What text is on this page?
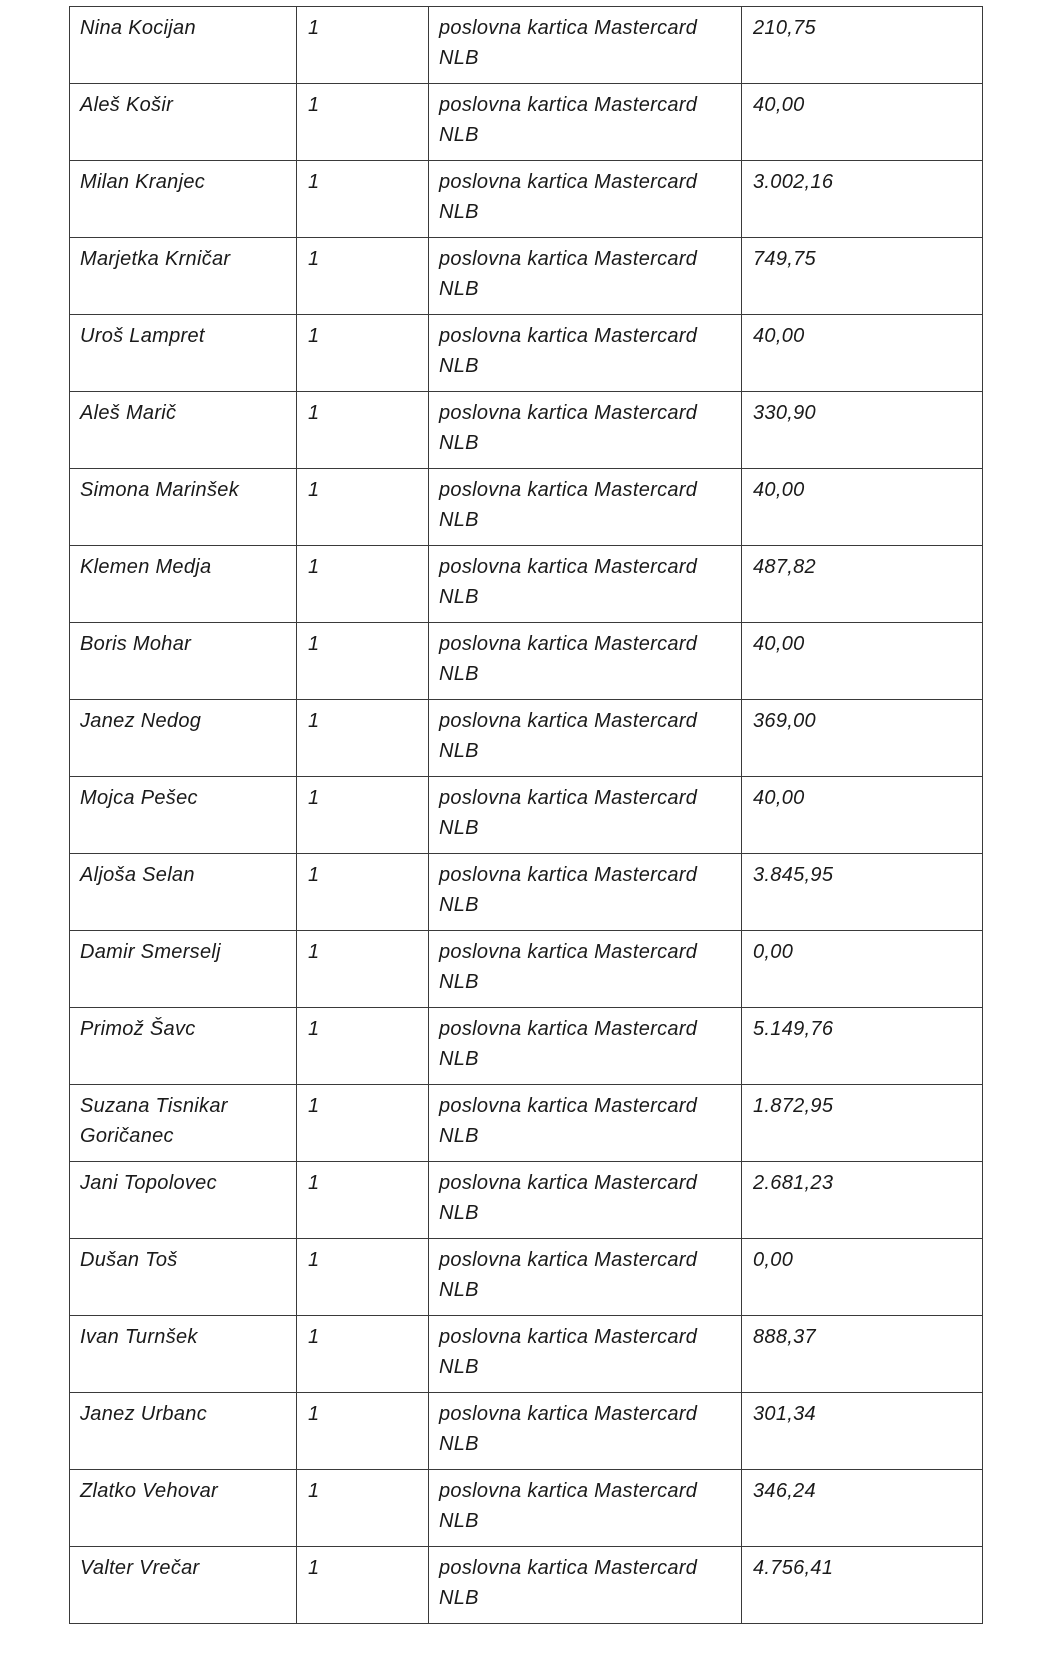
Nina Kocijan	1	poslovna kartica Mastercard NLB	210,75
Aleš Košir	1	poslovna kartica Mastercard NLB	40,00
Milan Kranjec	1	poslovna kartica Mastercard NLB	3.002,16
Marjetka Krničar	1	poslovna kartica Mastercard NLB	749,75
Uroš Lampret	1	poslovna kartica Mastercard NLB	40,00
Aleš Marič	1	poslovna kartica Mastercard NLB	330,90
Simona Marinšek	1	poslovna kartica Mastercard NLB	40,00
Klemen Medja	1	poslovna kartica Mastercard NLB	487,82
Boris Mohar	1	poslovna kartica Mastercard NLB	40,00
Janez Nedog	1	poslovna kartica Mastercard NLB	369,00
Mojca Pešec	1	poslovna kartica Mastercard NLB	40,00
Aljoša Selan	1	poslovna kartica Mastercard NLB	3.845,95
Damir Smerselj	1	poslovna kartica Mastercard NLB	0,00
Primož Šavc	1	poslovna kartica Mastercard NLB	5.149,76
Suzana Tisnikar Goričanec	1	poslovna kartica Mastercard NLB	1.872,95
Jani Topolovec	1	poslovna kartica Mastercard NLB	2.681,23
Dušan Toš	1	poslovna kartica Mastercard NLB	0,00
Ivan Turnšek	1	poslovna kartica Mastercard NLB	888,37
Janez Urbanc	1	poslovna kartica Mastercard NLB	301,34
Zlatko Vehovar	1	poslovna kartica Mastercard NLB	346,24
Valter Vrečar	1	poslovna kartica Mastercard NLB	4.756,41
